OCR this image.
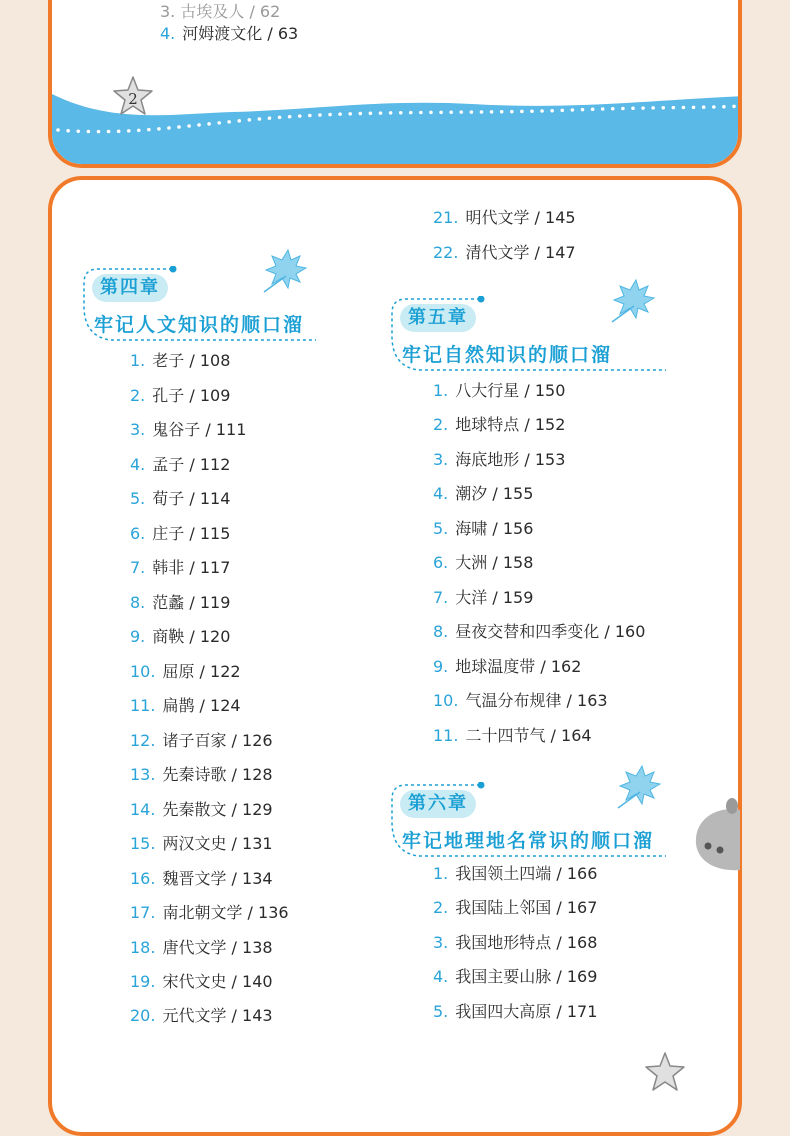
3. 古埃及人 / 62
4. 河姆渡文化 / 63
2
第四章
牢记人文知识的顺口溜
1. 老子 / 108
2. 孔子 / 109
3. 鬼谷子 / 111
4. 孟子 / 112
5. 荀子 / 114
6. 庄子 / 115
7. 韩非 / 117
8. 范蠡 / 119
9. 商鞅 / 120
10. 屈原 / 122
11. 扁鹊 / 124
12. 诸子百家 / 126
13. 先秦诗歌 / 128
14. 先秦散文 / 129
15. 两汉文史 / 131
16. 魏晋文学 / 134
17. 南北朝文学 / 136
18. 唐代文学 / 138
19. 宋代文史 / 140
20. 元代文学 / 143
21. 明代文学 / 145
22. 清代文学 / 147
第五章
牢记自然知识的顺口溜
1. 八大行星 / 150
2. 地球特点 / 152
3. 海底地形 / 153
4. 潮汐 / 155
5. 海啸 / 156
6. 大洲 / 158
7. 大洋 / 159
8. 昼夜交替和四季变化 / 160
9. 地球温度带 / 162
10. 气温分布规律 / 163
11. 二十四节气 / 164
第六章
牢记地理地名常识的顺口溜
1. 我国领土四端 / 166
2. 我国陆上邻国 / 167
3. 我国地形特点 / 168
4. 我国主要山脉 / 169
5. 我国四大高原 / 171
